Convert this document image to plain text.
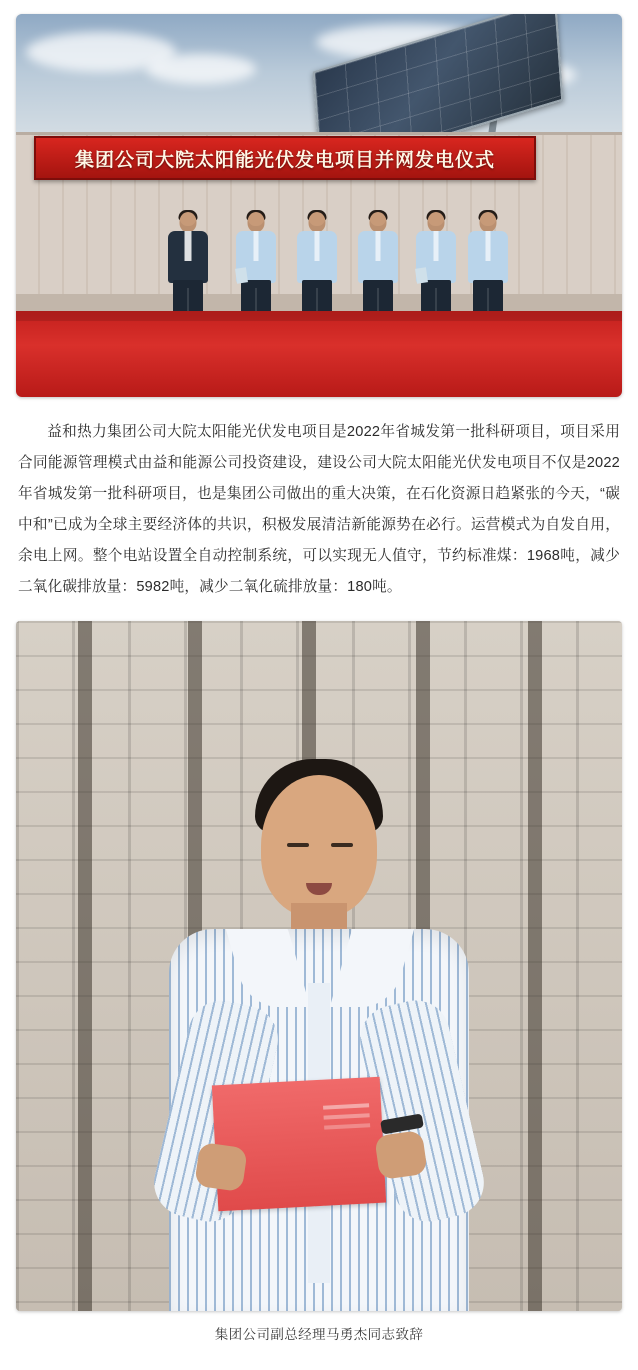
集团公司大院太阳能光伏发电项目并网发电仪式

益和热力集团公司大院太阳能光伏发电项目是2022年省城发第一批科研项目，项目采用合同能源管理模式由益和能源公司投资建设，建设公司大院太阳能光伏发电项目不仅是2022年省城发第一批科研项目，也是集团公司做出的重大决策，在石化资源日趋紧张的今天，“碳中和”已成为全球主要经济体的共识，积极发展清洁新能源势在必行。运营模式为自发自用，余电上网。整个电站设置全自动控制系统，可以实现无人值守，节约标准煤：1968吨，减少二氧化碳排放量：5982吨，减少二氧化硫排放量：180吨。

集团公司副总经理马勇杰同志致辞
